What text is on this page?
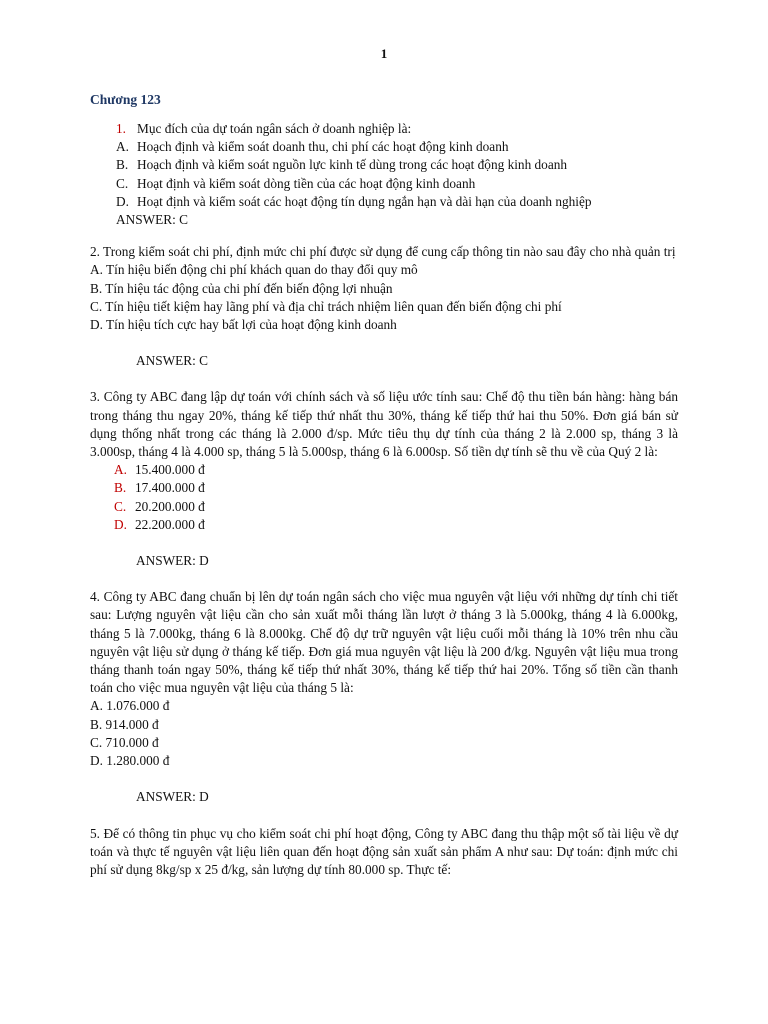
1
Chương 123
1. Mục đích của dự toán ngân sách ở doanh nghiệp là:
A. Hoạch định và kiểm soát doanh thu, chi phí các hoạt động kinh doanh
B. Hoạch định và kiểm soát nguồn lực kinh tế dùng trong các hoạt động kinh doanh
C. Hoạt định và kiểm soát dòng tiền của các hoạt động kinh doanh
D. Hoạt định và kiểm soát các hoạt động tín dụng ngắn hạn và dài hạn của doanh nghiệp
ANSWER: C

2. Trong kiểm soát chi phí, định mức chi phí được sử dụng để cung cấp thông tin nào sau đây cho nhà quản trị

A. Tín hiệu biến động chi phí khách quan do thay đổi quy mô

B. Tín hiệu tác động của chi phí đến biến động lợi nhuận

C. Tín hiệu tiết kiệm hay lãng phí và địa chỉ trách nhiệm liên quan đến biến động chi phí

D. Tín hiệu tích cực hay bất lợi của hoạt động kinh doanh

ANSWER: C

3. Công ty ABC đang lập dự toán với chính sách và số liệu ước tính sau: Chế độ thu tiền bán hàng: hàng bán trong tháng thu ngay 20%, tháng kế tiếp thứ nhất thu 30%, tháng kế tiếp thứ hai thu 50%. Đơn giá bán sử dụng thống nhất trong các tháng là 2.000 đ/sp. Mức tiêu thụ dự tính của tháng 2 là 2.000 sp, tháng 3 là 3.000sp, tháng 4 là 4.000 sp, tháng 5 là 5.000sp, tháng 6 là 6.000sp. Số tiền dự tính sẽ thu về của Quý 2 là:

A. 15.400.000 đ
B. 17.400.000 đ
C. 20.200.000 đ
D. 22.200.000 đ
ANSWER: D

4. Công ty ABC đang chuẩn bị lên dự toán ngân sách cho việc mua nguyên vật liệu với những dự tính chi tiết sau: Lượng nguyên vật liệu cần cho sản xuất mỗi tháng lần lượt ở tháng 3 là 5.000kg, tháng 4 là 6.000kg, tháng 5 là 7.000kg, tháng 6 là 8.000kg. Chế độ dự trữ nguyên vật liệu cuối mỗi tháng là 10% trên nhu cầu nguyên vật liệu sử dụng ở tháng kế tiếp. Đơn giá mua nguyên vật liệu là 200 đ/kg. Nguyên vật liệu mua trong tháng thanh toán ngay 50%, tháng kế tiếp thứ nhất 30%, tháng kế tiếp thứ hai 20%. Tổng số tiền cần thanh toán cho việc mua nguyên vật liệu của tháng 5 là:

A. 1.076.000 đ

B. 914.000 đ

C. 710.000 đ

D. 1.280.000 đ

ANSWER: D

5. Để có thông tin phục vụ cho kiểm soát chi phí hoạt động, Công ty ABC đang thu thập một số tài liệu về dự toán và thực tế nguyên vật liệu liên quan đến hoạt động sản xuất sản phẩm A như sau: Dự toán: định mức chi phí sử dụng 8kg/sp x 25 đ/kg, sản lượng dự tính 80.000 sp. Thực tế:
